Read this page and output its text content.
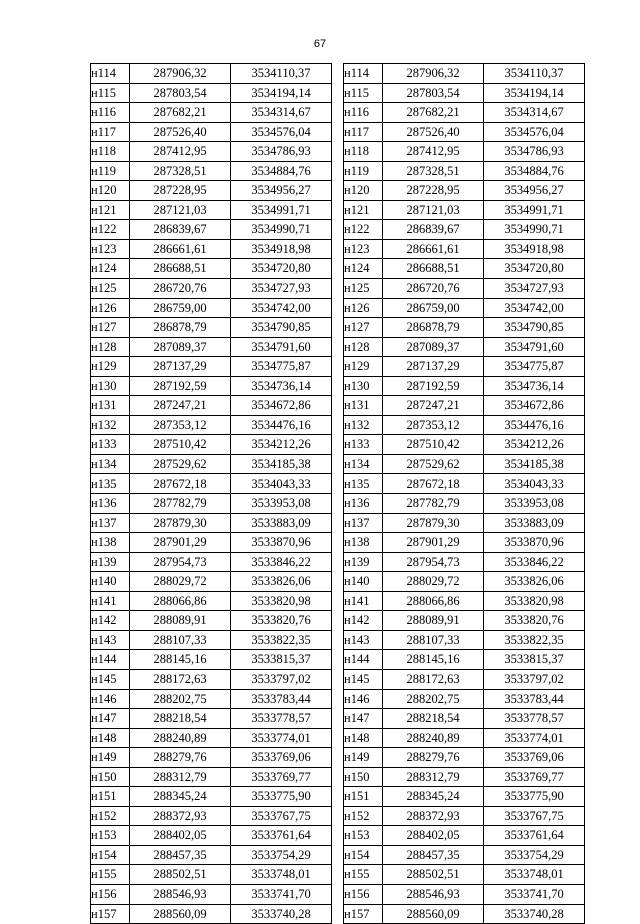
67
н114	287906,32	3534110,37
н115	287803,54	3534194,14
н116	287682,21	3534314,67
н117	287526,40	3534576,04
н118	287412,95	3534786,93
н119	287328,51	3534884,76
н120	287228,95	3534956,27
н121	287121,03	3534991,71
н122	286839,67	3534990,71
н123	286661,61	3534918,98
н124	286688,51	3534720,80
н125	286720,76	3534727,93
н126	286759,00	3534742,00
н127	286878,79	3534790,85
н128	287089,37	3534791,60
н129	287137,29	3534775,87
н130	287192,59	3534736,14
н131	287247,21	3534672,86
н132	287353,12	3534476,16
н133	287510,42	3534212,26
н134	287529,62	3534185,38
н135	287672,18	3534043,33
н136	287782,79	3533953,08
н137	287879,30	3533883,09
н138	287901,29	3533870,96
н139	287954,73	3533846,22
н140	288029,72	3533826,06
н141	288066,86	3533820,98
н142	288089,91	3533820,76
н143	288107,33	3533822,35
н144	288145,16	3533815,37
н145	288172,63	3533797,02
н146	288202,75	3533783,44
н147	288218,54	3533778,57
н148	288240,89	3533774,01
н149	288279,76	3533769,06
н150	288312,79	3533769,77
н151	288345,24	3533775,90
н152	288372,93	3533767,75
н153	288402,05	3533761,64
н154	288457,35	3533754,29
н155	288502,51	3533748,01
н156	288546,93	3533741,70
н157	288560,09	3533740,28
н114	287906,32	3534110,37
н115	287803,54	3534194,14
н116	287682,21	3534314,67
н117	287526,40	3534576,04
н118	287412,95	3534786,93
н119	287328,51	3534884,76
н120	287228,95	3534956,27
н121	287121,03	3534991,71
н122	286839,67	3534990,71
н123	286661,61	3534918,98
н124	286688,51	3534720,80
н125	286720,76	3534727,93
н126	286759,00	3534742,00
н127	286878,79	3534790,85
н128	287089,37	3534791,60
н129	287137,29	3534775,87
н130	287192,59	3534736,14
н131	287247,21	3534672,86
н132	287353,12	3534476,16
н133	287510,42	3534212,26
н134	287529,62	3534185,38
н135	287672,18	3534043,33
н136	287782,79	3533953,08
н137	287879,30	3533883,09
н138	287901,29	3533870,96
н139	287954,73	3533846,22
н140	288029,72	3533826,06
н141	288066,86	3533820,98
н142	288089,91	3533820,76
н143	288107,33	3533822,35
н144	288145,16	3533815,37
н145	288172,63	3533797,02
н146	288202,75	3533783,44
н147	288218,54	3533778,57
н148	288240,89	3533774,01
н149	288279,76	3533769,06
н150	288312,79	3533769,77
н151	288345,24	3533775,90
н152	288372,93	3533767,75
н153	288402,05	3533761,64
н154	288457,35	3533754,29
н155	288502,51	3533748,01
н156	288546,93	3533741,70
н157	288560,09	3533740,28
